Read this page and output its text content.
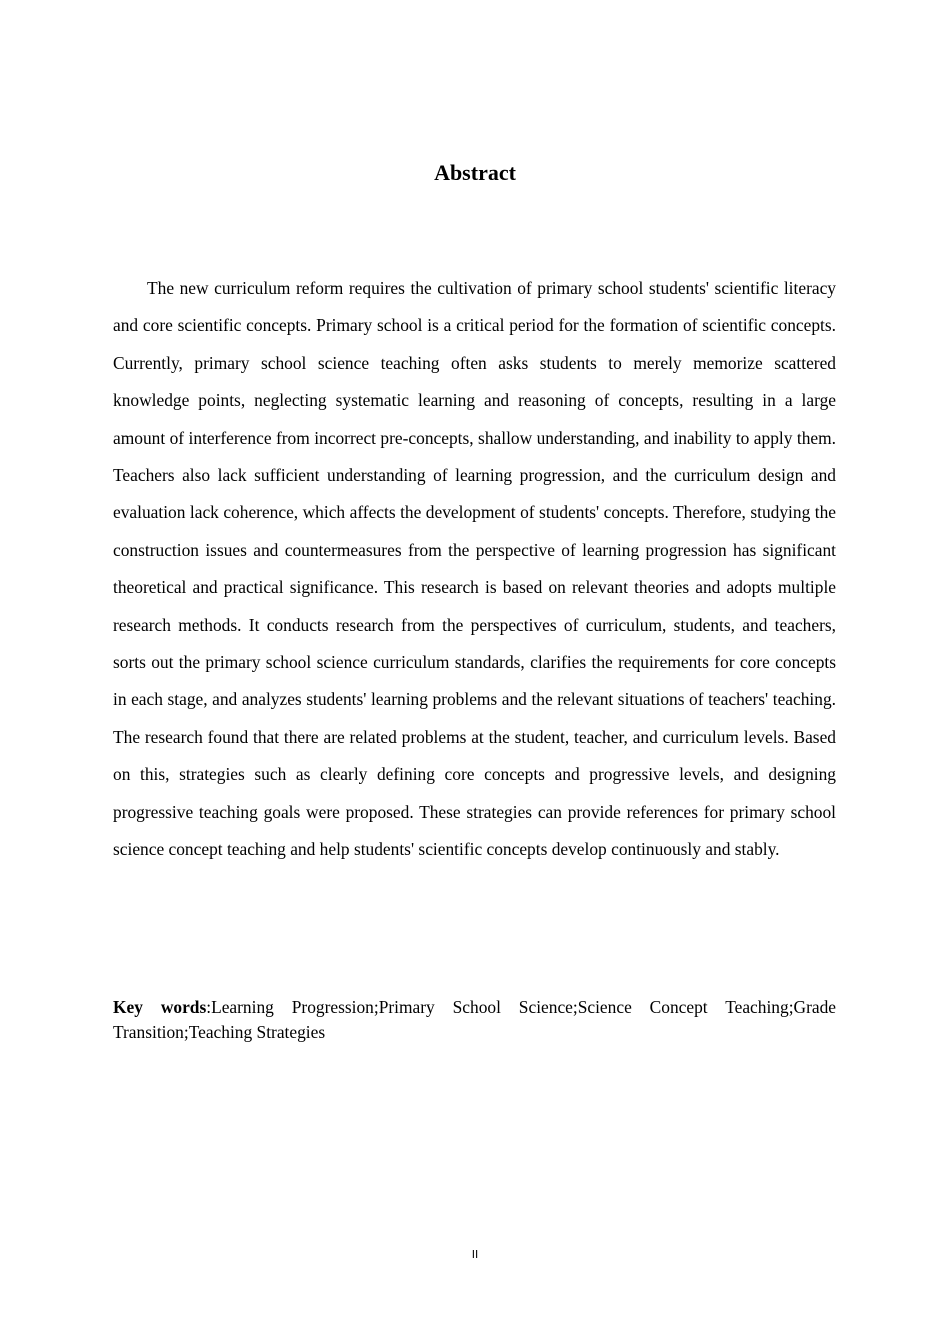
Abstract

The new curriculum reform requires the cultivation of primary school students' scientific literacy and core scientific concepts. Primary school is a critical period for the formation of scientific concepts. Currently, primary school science teaching often asks students to merely memorize scattered knowledge points, neglecting systematic learning and reasoning of concepts, resulting in a large amount of interference from incorrect pre-concepts, shallow understanding, and inability to apply them. Teachers also lack sufficient understanding of learning progression, and the curriculum design and evaluation lack coherence, which affects the development of students' concepts. Therefore, studying the construction issues and countermeasures from the perspective of learning progression has significant theoretical and practical significance. This research is based on relevant theories and adopts multiple research methods. It conducts research from the perspectives of curriculum, students, and teachers, sorts out the primary school science curriculum standards, clarifies the requirements for core concepts in each stage, and analyzes students' learning problems and the relevant situations of teachers' teaching. The research found that there are related problems at the student, teacher, and curriculum levels. Based on this, strategies such as clearly defining core concepts and progressive levels, and designing progressive teaching goals were proposed. These strategies can provide references for primary school science concept teaching and help students' scientific concepts develop continuously and stably.

Key words:Learning Progression;Primary School Science;Science Concept Teaching;Grade Transition;Teaching Strategies

II
